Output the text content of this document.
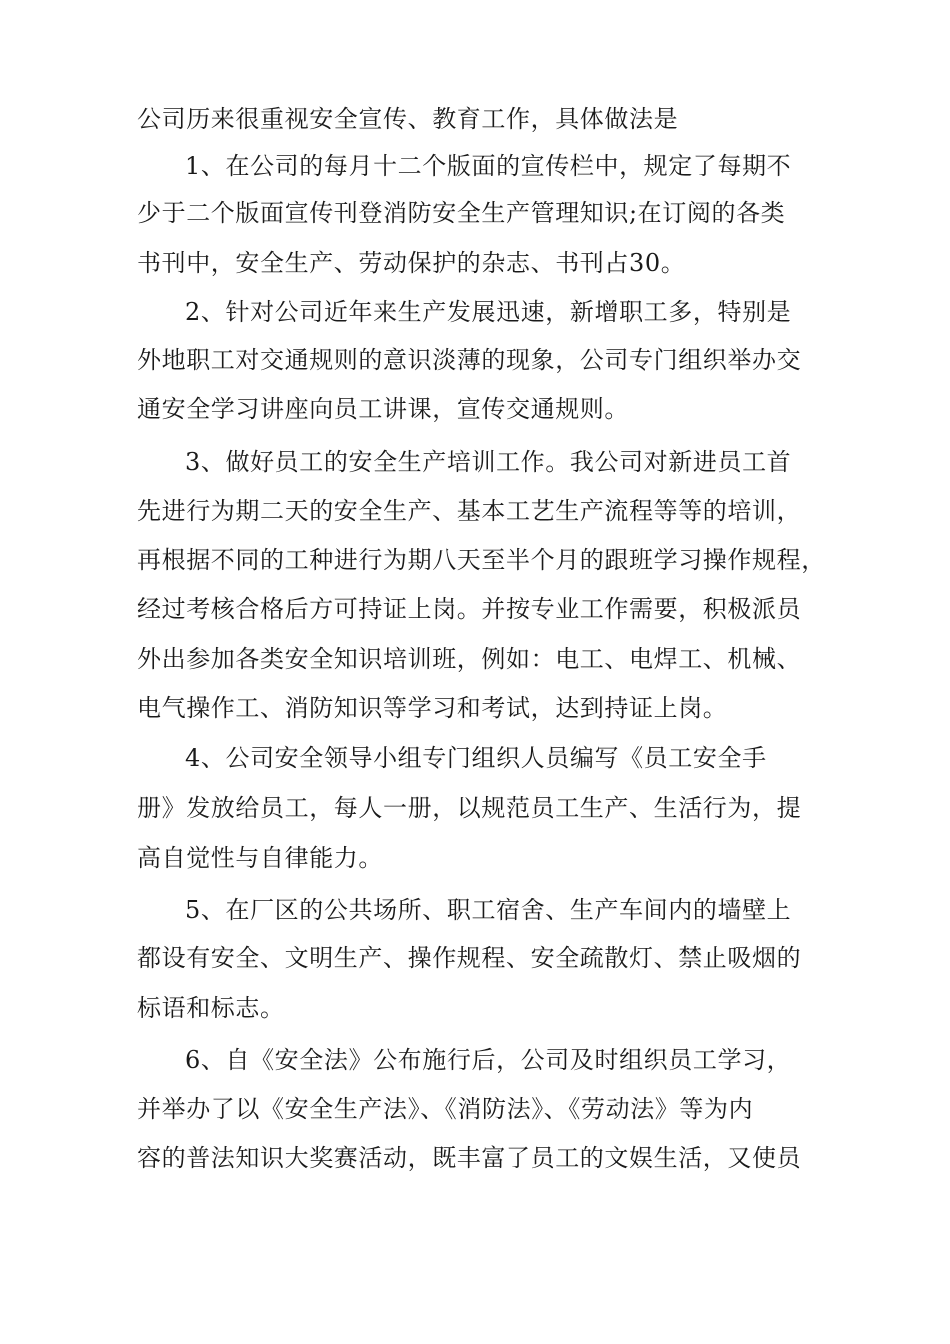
公司历来很重视安全宣传、教育工作，具体做法是
1、在公司的每月十二个版面的宣传栏中，规定了每期不
少于二个版面宣传刊登消防安全生产管理知识;在订阅的各类
书刊中，安全生产、劳动保护的杂志、书刊占30。
2、针对公司近年来生产发展迅速，新增职工多，特别是
外地职工对交通规则的意识淡薄的现象，公司专门组织举办交
通安全学习讲座向员工讲课，宣传交通规则。
3、做好员工的安全生产培训工作。我公司对新进员工首
先进行为期二天的安全生产、基本工艺生产流程等等的培训，
再根据不同的工种进行为期八天至半个月的跟班学习操作规程，
经过考核合格后方可持证上岗。并按专业工作需要，积极派员
外出参加各类安全知识培训班，例如：电工、电焊工、机械、
电气操作工、消防知识等学习和考试，达到持证上岗。
4、公司安全领导小组专门组织人员编写《员工安全手
册》发放给员工，每人一册，以规范员工生产、生活行为，提
高自觉性与自律能力。
5、在厂区的公共场所、职工宿舍、生产车间内的墙壁上
都设有安全、文明生产、操作规程、安全疏散灯、禁止吸烟的
标语和标志。
6、自《安全法》公布施行后，公司及时组织员工学习，
并举办了以《安全生产法》、《消防法》、《劳动法》等为内
容的普法知识大奖赛活动，既丰富了员工的文娱生活，又使员
